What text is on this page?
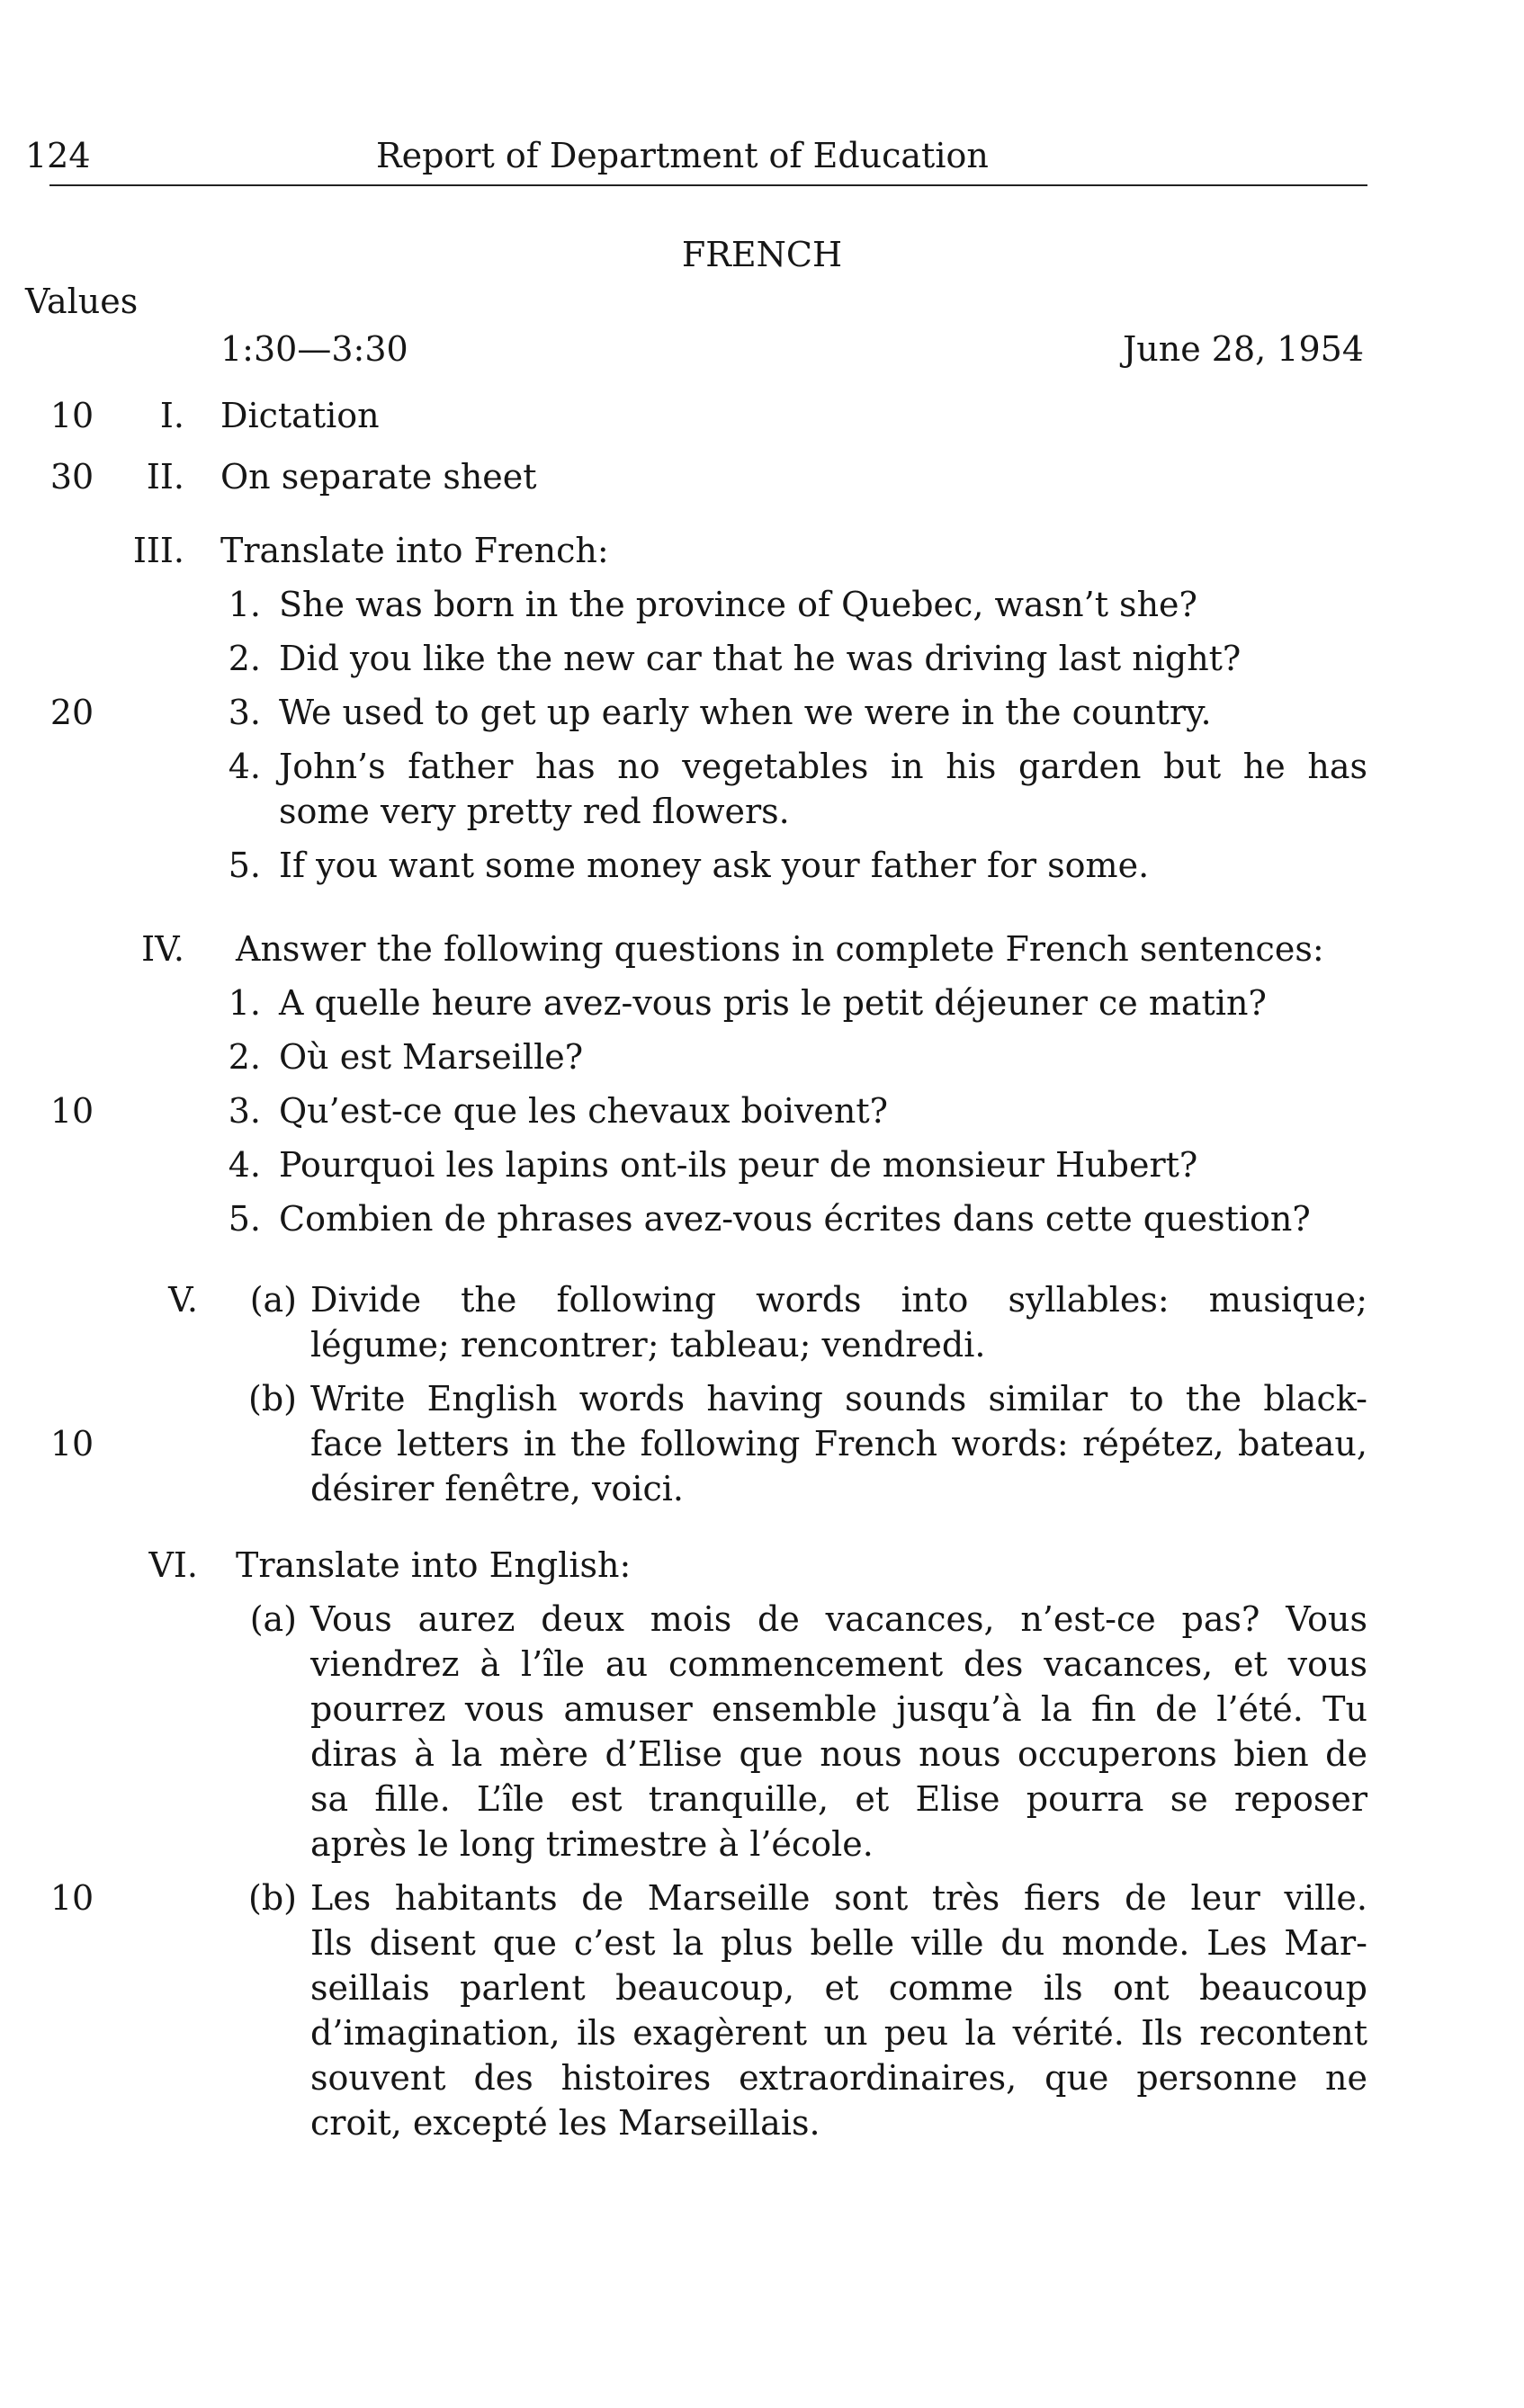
124	Report of Department of Education
FRENCH
Values
1:30—3:30	June 28, 1954
10	I. Dictation
30	II. On separate sheet
III. Translate into French:
1. She was born in the province of Quebec, wasn’t she?
2. Did you like the new car that he was driving last night?
20	3. We used to get up early when we were in the country.
4. John’s father has no vegetables in his garden but he has
some very pretty red flowers.
5. If you want some money ask your father for some.
IV. Answer the following questions in complete French sentences:
1. A quelle heure avez-vous pris le petit déjeuner ce matin?
2. Où est Marseille?
10	3. Qu’est-ce que les chevaux boivent?
4. Pourquoi les lapins ont-ils peur de monsieur Hubert?
5. Combien de phrases avez-vous écrites dans cette question?
V.	(a) Divide the following words into syllables: musique;
légume; rencontrer; tableau; vendredi.
(b) Write English words having sounds similar to the black-
10	face letters in the following French words: répétez, bateau,
désirer fenêtre, voici.
VI. Translate into English:
(a) Vous aurez deux mois de vacances, n’est-ce pas? Vous
viendrez à l’île au commencement des vacances, et vous
pourrez vous amuser ensemble jusqu’à la fin de l’été. Tu
diras à la mère d’Elise que nous nous occuperons bien de
sa fille. L’île est tranquille, et Elise pourra se reposer
après le long trimestre à l’école.
10	(b) Les habitants de Marseille sont très fiers de leur ville.
Ils disent que c’est la plus belle ville du monde. Les Mar-
seillais parlent beaucoup, et comme ils ont beaucoup
d’imagination, ils exagèrent un peu la vérité. Ils recontent
souvent des histoires extraordinaires, que personne ne
croit, excepté les Marseillais.
